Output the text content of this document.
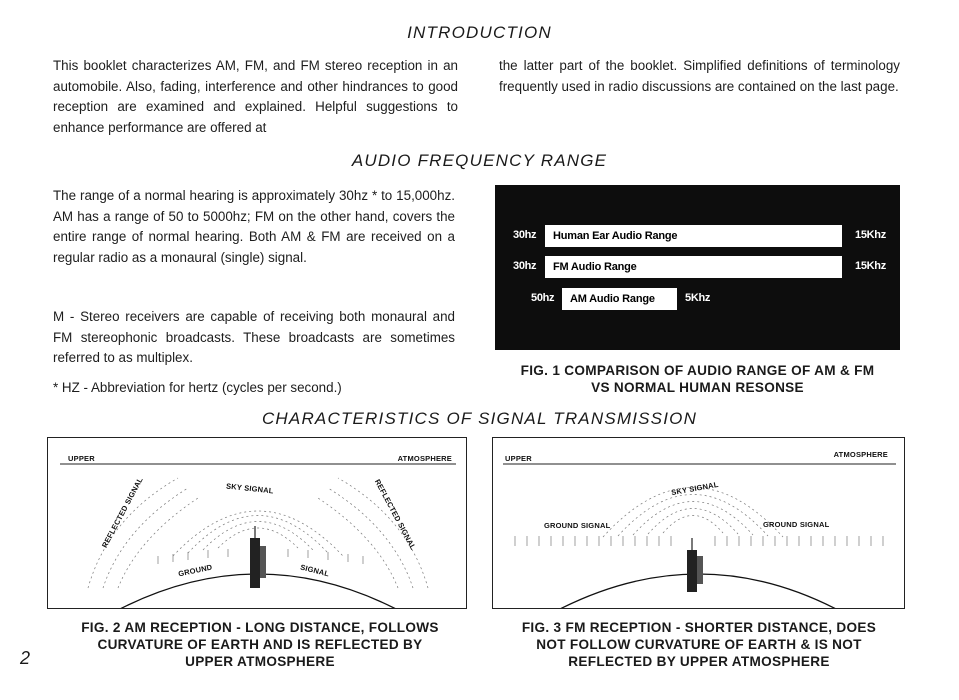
INTRODUCTION
This booklet characterizes AM, FM, and FM stereo reception in an automobile. Also, fading, interference and other hindrances to good reception are examined and explained. Helpful suggestions to enhance performance are offered at
the latter part of the booklet. Simplified definitions of terminology frequently used in radio discussions are contained on the last page.
AUDIO FREQUENCY RANGE
The range of a normal hearing is approximately 30hz * to 15,000hz. AM has a range of 50 to 5000hz; FM on the other hand, covers the entire range of normal hearing. Both AM & FM are received on a regular radio as a monaural (single) signal.
M - Stereo receivers are capable of receiving both monaural and FM stereophonic broadcasts. These broadcasts are sometimes referred to as multiplex.
* HZ - Abbreviation for hertz (cycles per second.)
30hz Human Ear Audio Range	15Khz
30hz FM Audio Range	15Khz
50hz AM Audio Range	5Khz
FIG. 1 COMPARISON OF AUDIO RANGE OF AM & FM
VS NORMAL HUMAN RESONSE
CHARACTERISTICS OF SIGNAL TRANSMISSION
UPPER	ATMOSPHERE
SKY SIGNAL
REFLECTED SIGNAL	REFLECTED SIGNAL
GROUND	SIGNAL
FIG. 2 AM RECEPTION - LONG DISTANCE, FOLLOWS
CURVATURE OF EARTH AND IS REFLECTED BY
UPPER ATMOSPHERE
UPPER	ATMOSPHERE
SKY SIGNAL
GROUND SIGNAL	GROUND SIGNAL
FIG. 3 FM RECEPTION - SHORTER DISTANCE, DOES
NOT FOLLOW CURVATURE OF EARTH & IS NOT
REFLECTED BY UPPER ATMOSPHERE
2
